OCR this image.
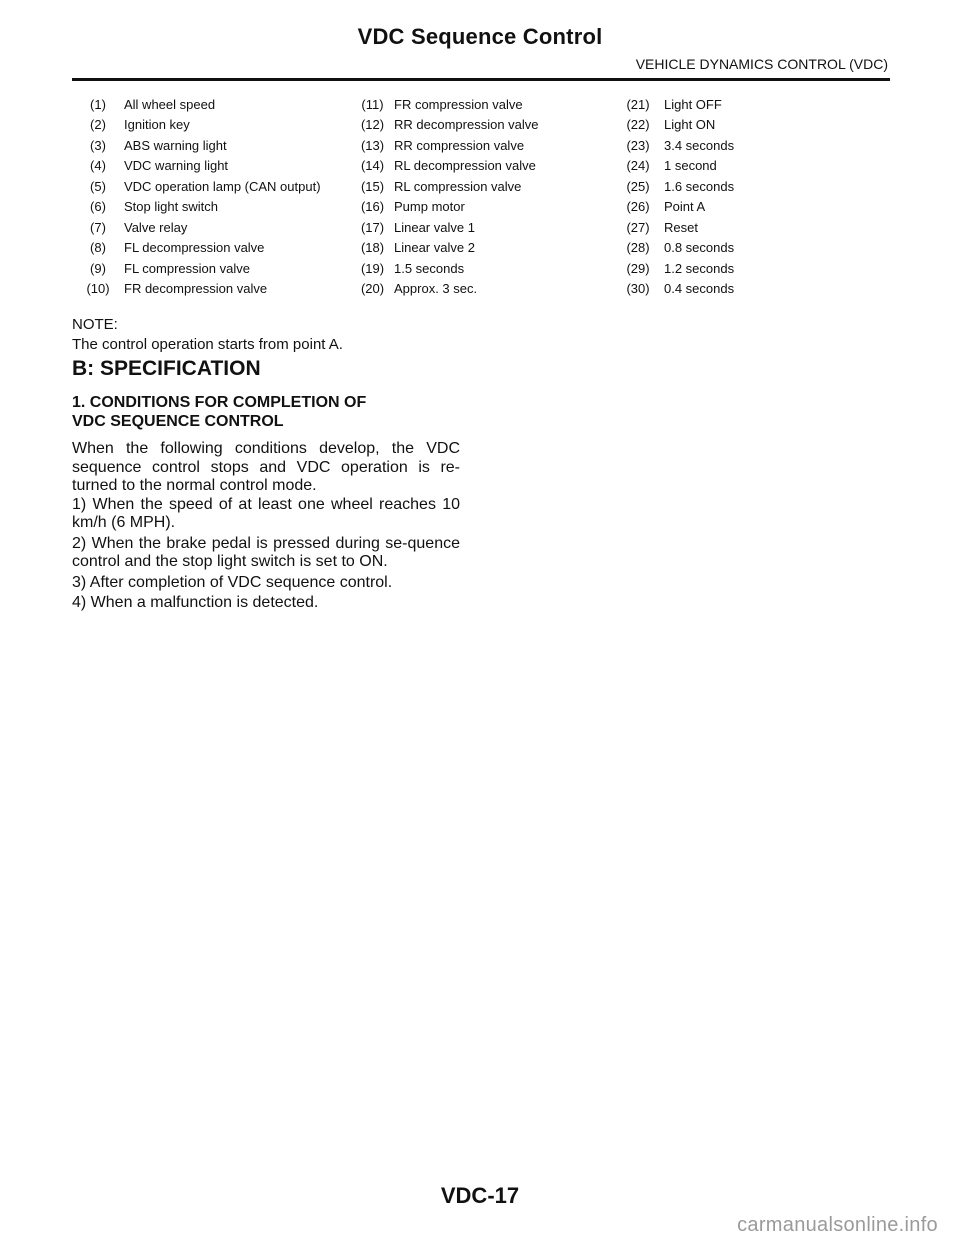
VDC Sequence Control
VEHICLE DYNAMICS CONTROL (VDC)
(1)	All wheel speed	(11)	FR compression valve	(21)	Light OFF
(2)	Ignition key	(12)	RR decompression valve	(22)	Light ON
(3)	ABS warning light	(13)	RR compression valve	(23)	3.4 seconds
(4)	VDC warning light	(14)	RL decompression valve	(24)	1 second
(5)	VDC operation lamp (CAN output)	(15)	RL compression valve	(25)	1.6 seconds
(6)	Stop light switch	(16)	Pump motor	(26)	Point A
(7)	Valve relay	(17)	Linear valve 1	(27)	Reset
(8)	FL decompression valve	(18)	Linear valve 2	(28)	0.8 seconds
(9)	FL compression valve	(19)	1.5 seconds	(29)	1.2 seconds
(10)	FR decompression valve	(20)	Approx. 3 sec.	(30)	0.4 seconds
NOTE:
The control operation starts from point A.
B: SPECIFICATION
1. CONDITIONS FOR COMPLETION OF
VDC SEQUENCE CONTROL

When the following conditions develop, the VDC sequence control stops and VDC operation is re-turned to the normal control mode.

1) When the speed of at least one wheel reaches 10 km/h (6 MPH).

2) When the brake pedal is pressed during se-quence control and the stop light switch is set to ON.

3) After completion of VDC sequence control.

4) When a malfunction is detected.

VDC-17
carmanualsonline.info
